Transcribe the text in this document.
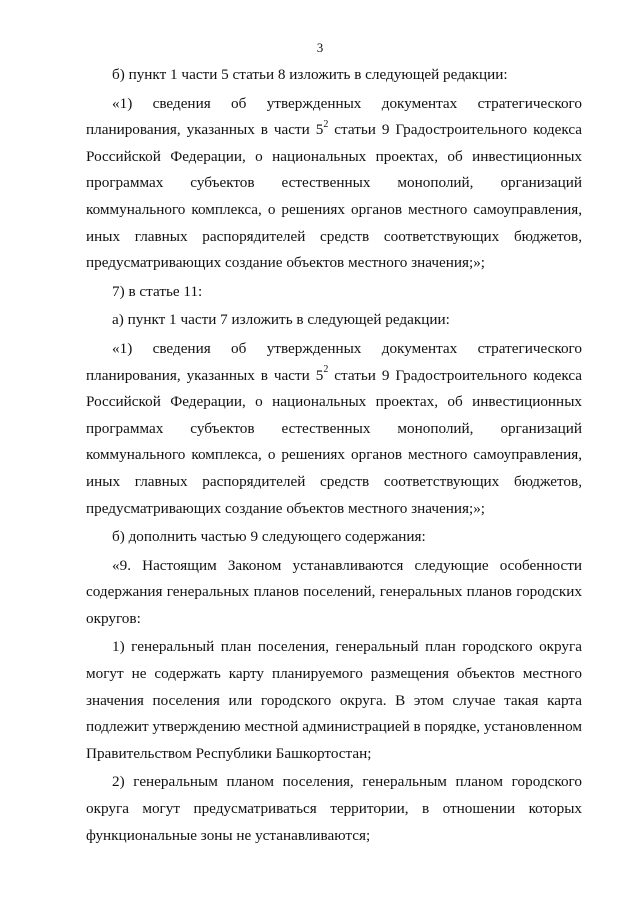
3

б) пункт 1 части 5 статьи 8 изложить в следующей редакции:

«1) сведения об утвержденных документах стратегического планирования, указанных в части $5^2$ статьи 9 Градостроительного кодекса Российской Федерации, о национальных проектах, об инвестиционных программах субъектов естественных монополий, организаций коммунального комплекса, о решениях органов местного самоуправления, иных главных распорядителей средств соответствующих бюджетов, предусматривающих создание объектов местного значения;»;

7) в статье 11:

а) пункт 1 части 7 изложить в следующей редакции:

«1) сведения об утвержденных документах стратегического планирования, указанных в части $5^2$ статьи 9 Градостроительного кодекса Российской Федерации, о национальных проектах, об инвестиционных программах субъектов естественных монополий, организаций коммунального комплекса, о решениях органов местного самоуправления, иных главных распорядителей средств соответствующих бюджетов, предусматривающих создание объектов местного значения;»;

б) дополнить частью 9 следующего содержания:

«9. Настоящим Законом устанавливаются следующие особенности содержания генеральных планов поселений, генеральных планов городских округов:

1) генеральный план поселения, генеральный план городского округа могут не содержать карту планируемого размещения объектов местного значения поселения или городского округа. В этом случае такая карта подлежит утверждению местной администрацией в порядке, установленном Правительством Республики Башкортостан;

2) генеральным планом поселения, генеральным планом городского округа могут предусматриваться территории, в отношении которых функциональные зоны не устанавливаются;
